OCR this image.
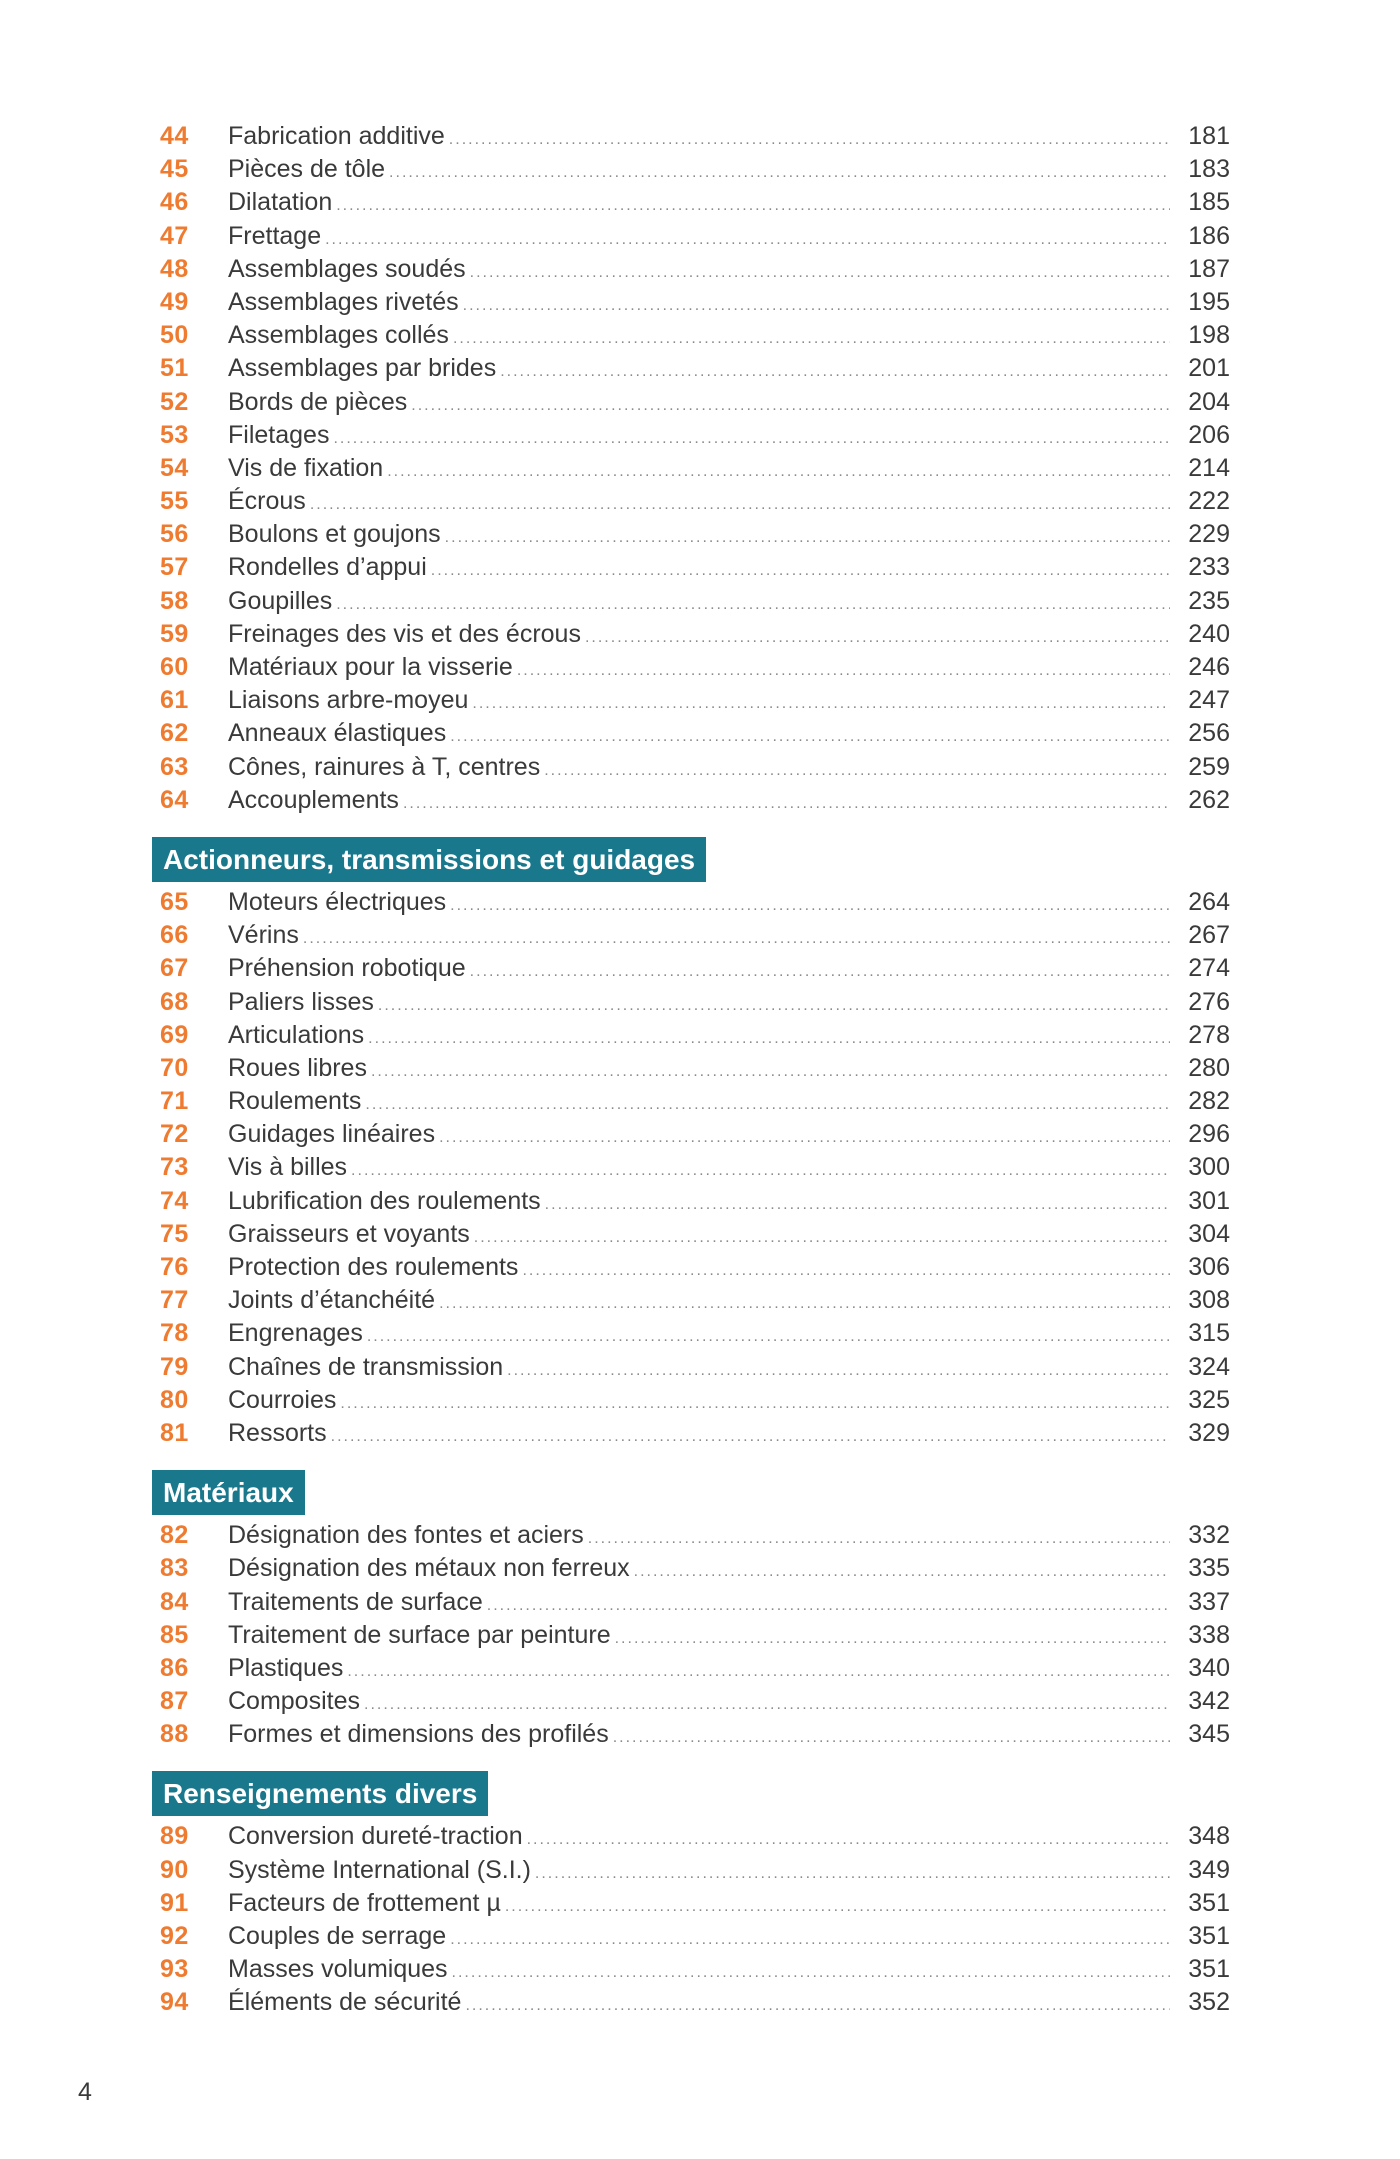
44	Fabrication additive .....	181
45	Pièces de tôle .....	183
46	Dilatation .....	185
47	Frettage .....	186
48	Assemblages soudés .....	187
49	Assemblages rivetés .....	195
50	Assemblages collés .....	198
51	Assemblages par brides .....	201
52	Bords de pièces .....	204
53	Filetages .....	206
54	Vis de fixation .....	214
55	Écrous .....	222
56	Boulons et goujons .....	229
57	Rondelles d’appui .....	233
58	Goupilles .....	235
59	Freinages des vis et des écrous .....	240
60	Matériaux pour la visserie .....	246
61	Liaisons arbre-moyeu .....	247
62	Anneaux élastiques .....	256
63	Cônes, rainures à T, centres .....	259
64	Accouplements .....	262
Actionneurs, transmissions et guidages
65	Moteurs électriques .....	264
66	Vérins .....	267
67	Préhension robotique .....	274
68	Paliers lisses .....	276
69	Articulations .....	278
70	Roues libres .....	280
71	Roulements .....	282
72	Guidages linéaires .....	296
73	Vis à billes .....	300
74	Lubrification des roulements .....	301
75	Graisseurs et voyants .....	304
76	Protection des roulements .....	306
77	Joints d’étanchéité .....	308
78	Engrenages .....	315
79	Chaînes de transmission .....	324
80	Courroies .....	325
81	Ressorts .....	329
Matériaux
82	Désignation des fontes et aciers .....	332
83	Désignation des métaux non ferreux .....	335
84	Traitements de surface .....	337
85	Traitement de surface par peinture .....	338
86	Plastiques .....	340
87	Composites .....	342
88	Formes et dimensions des profilés .....	345
Renseignements divers
89	Conversion dureté-traction .....	348
90	Système International (S.I.) .....	349
91	Facteurs de frottement µ .....	351
92	Couples de serrage .....	351
93	Masses volumiques .....	351
94	Éléments de sécurité .....	352
4
